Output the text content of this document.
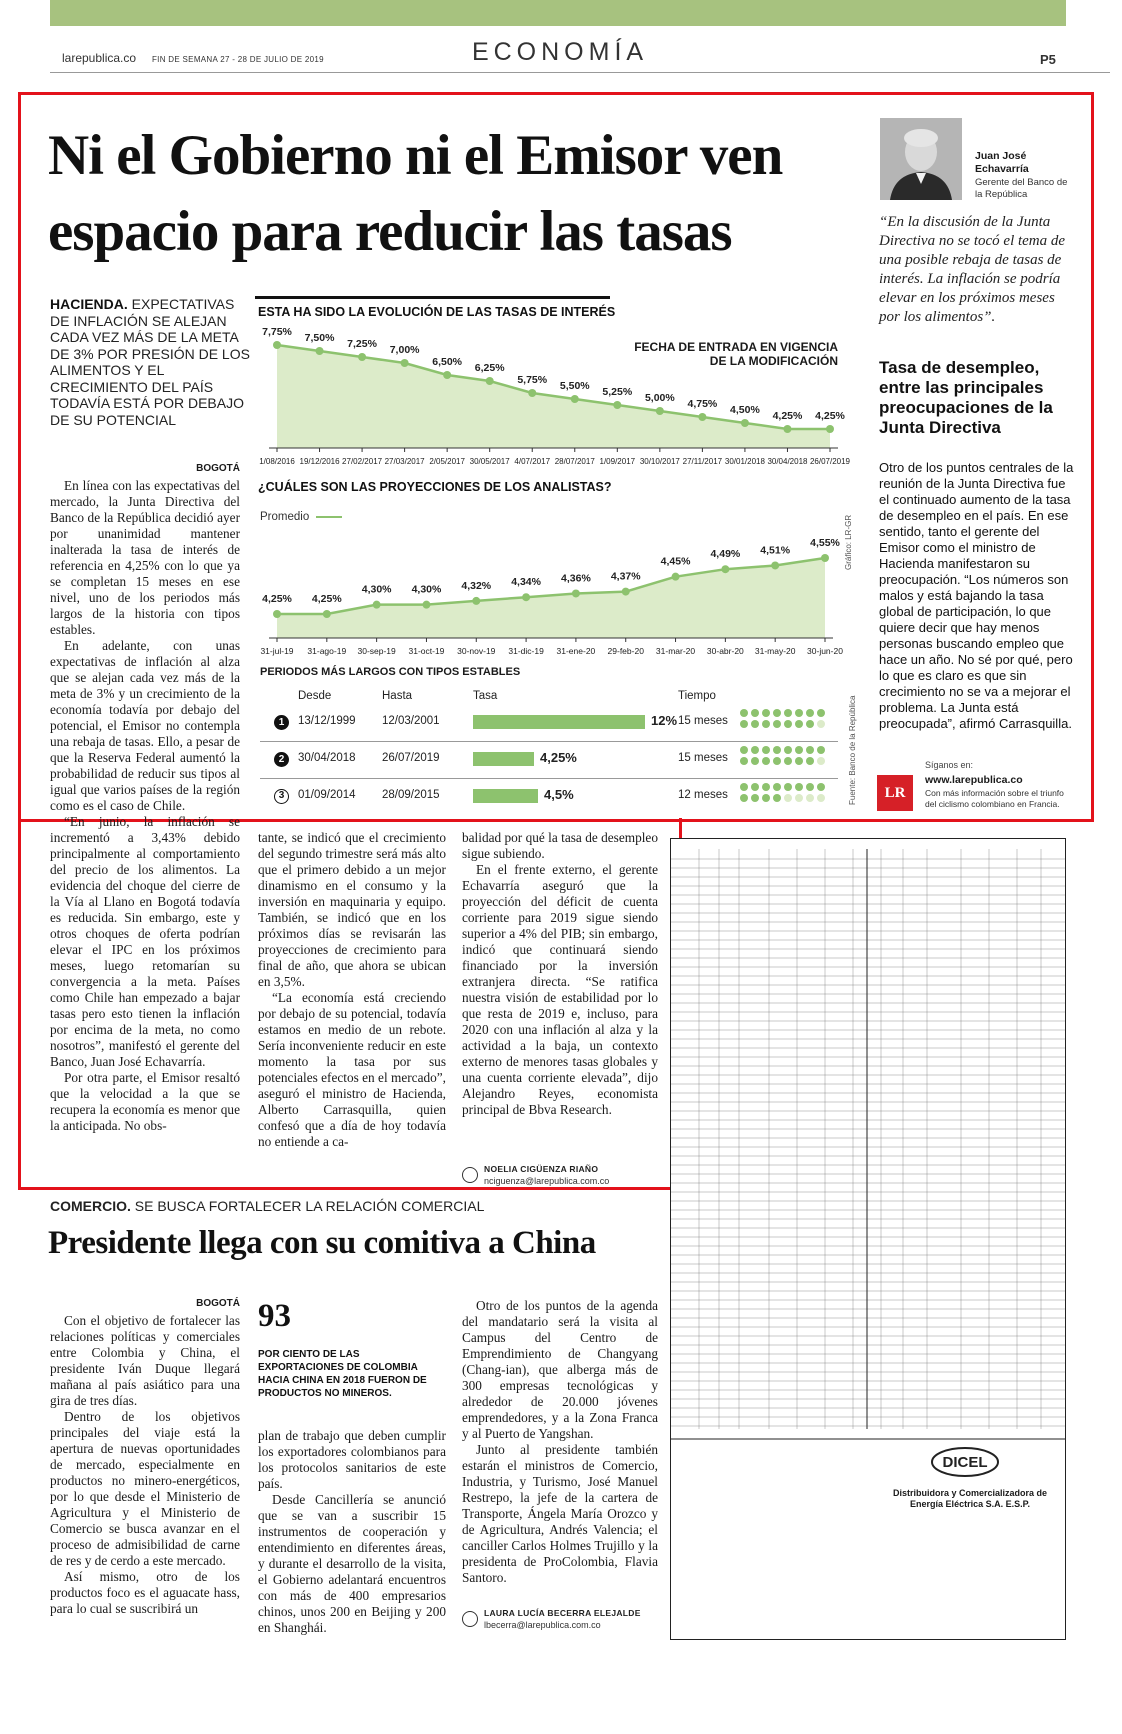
larepublica.co FIN DE SEMANA 27 - 28 DE JULIO DE 2019	ECONOMÍA	P5
Ni el Gobierno ni el Emisor ven
espacio para reducir las tasas
HACIENDA. EXPECTATIVAS DE INFLACIÓN SE ALEJAN CADA VEZ MÁS DE LA META DE 3% POR PRESIÓN DE LOS ALIMENTOS Y EL CRECIMIENTO DEL PAÍS TODAVÍA ESTÁ POR DEBAJO DE SU POTENCIAL
BOGOTÁ

En línea con las expectativas del mercado, la Junta Directiva del Banco de la República decidió ayer por unanimidad mantener inalterada la tasa de interés de referencia en 4,25% con lo que ya se completan 15 meses en ese nivel, uno de los periodos más largos de la historia con tipos estables.

En adelante, con unas expectativas de inflación al alza que se alejan cada vez más de la meta de 3% y un crecimiento de la economía todavía por debajo del potencial, el Emisor no contempla una rebaja de tasas. Ello, a pesar de que la Reserva Federal aumentó la probabilidad de reducir sus tipos al igual que varios países de la región como es el caso de Chile.

“En junio, la inflación se incrementó a 3,43% debido principalmente al comportamiento del precio de los alimentos. La evidencia del choque del cierre de la Vía al Llano en Bogotá todavía es reducida. Sin embargo, este y otros choques de oferta podrían elevar el IPC en los próximos meses, luego retomarían su convergencia a la meta. Países como Chile han empezado a bajar tasas pero esto tienen la inflación por encima de la meta, no como nosotros”, manifestó el gerente del Banco, Juan José Echavarría.

Por otra parte, el Emisor resaltó que la velocidad a la que se recupera la economía es menor que la anticipada. No obs-

tante, se indicó que el crecimiento del segundo trimestre será más alto que el primero debido a un mejor dinamismo en el consumo y la inversión en maquinaria y equipo. También, se indicó que en los próximos días se revisarán las proyecciones de crecimiento para final de año, que ahora se ubican en 3,5%.

“La economía está creciendo por debajo de su potencial, todavía estamos en medio de un rebote. Sería inconveniente reducir en este momento la tasa por sus potenciales efectos en el mercado”, aseguró el ministro de Hacienda, Alberto Carrasquilla, quien confesó que a día de hoy todavía no entiende a ca-

balidad por qué la tasa de desempleo sigue subiendo.

En el frente externo, el gerente Echavarría aseguró que la proyección del déficit de cuenta corriente para 2019 sigue siendo superior a 4% del PIB; sin embargo, indicó que continuará siendo financiado por la inversión extranjera directa. “Se ratifica nuestra visión de estabilidad por lo que resta de 2019 e, incluso, para 2020 con una inflación al alza y la actividad a la baja, un contexto externo de menores tasas globales y una cuenta corriente elevada”, dijo Alejandro Reyes, economista principal de Bbva Research.

NOELIA CIGÜENZA RIAÑO
nciguenza@larepublica.com.co
ESTA HA SIDO LA EVOLUCIÓN DE LAS TASAS DE INTERÉS
FECHA DE ENTRADA EN VIGENCIA DE LA MODIFICACIÓN
7,75%
1/08/2016
7,50%
19/12/2016
7,25%
27/02/2017
7,00%
27/03/2017
6,50%
2/05/2017
6,25%
30/05/2017
5,75%
4/07/2017
5,50%
28/07/2017
5,25%
1/09/2017
5,00%
30/10/2017
4,75%
27/11/2017
4,50%
30/01/2018
4,25%
30/04/2018
4,25%
26/07/2019
¿CUÁLES SON LAS PROYECCIONES DE LOS ANALISTAS?
Promedio	Gráfico: LR-GR
4,25%
31-jul-19
4,25%
31-ago-19
4,30%
30-sep-19
4,30%
31-oct-19
4,32%
30-nov-19
4,34%
31-dic-19
4,36%
31-ene-20
4,37%
29-feb-20
4,45%
31-mar-20
4,49%
30-abr-20
4,51%
31-may-20
4,55%
30-jun-20
PERIODOS MÁS LARGOS CON TIPOS ESTABLES
Desde	Hasta	Tasa	Tiempo
1	13/12/1999 12/03/2001	12% 15 meses
2	30/04/2018 26/07/2019	4,25%	15 meses
3	01/09/2014 28/09/2015	4,5%	12 meses	Fuente: Banco de la República
Juan José Echavarría
Gerente del Banco de la República
“En la discusión de la Junta Directiva no se tocó el tema de una posible rebaja de tasas de interés. La inflación se podría elevar en los próximos meses por los alimentos”.
Tasa de desempleo, entre las principales preocupaciones de la Junta Directiva
Otro de los puntos centrales de la reunión de la Junta Directiva fue el continuado aumento de la tasa de desempleo en el país. En ese sentido, tanto el gerente del Emisor como el ministro de Hacienda manifestaron su preocupación. “Los números son malos y está bajando la tasa global de participación, lo que quiere decir que hay menos personas buscando empleo que hace un año. No sé por qué, pero lo que es claro es que sin crecimiento no se va a mejorar el problema. La Junta está preocupada”, afirmó Carrasquilla.
Síganos en:
LR
www.larepublica.co
Con más información sobre el triunfo del ciclismo colombiano en Francia.
DICEL
Distribuidora y Comercializadora de Energía Eléctrica S.A. E.S.P.
COMERCIO. SE BUSCA FORTALECER LA RELACIÓN COMERCIAL
Presidente llega con su comitiva a China
BOGOTÁ

Con el objetivo de fortalecer las relaciones políticas y comerciales entre Colombia y China, el presidente Iván Duque llegará mañana al país asiático para una gira de tres días.

Dentro de los objetivos principales del viaje está la apertura de nuevas oportunidades de mercado, especialmente en productos no minero-energéticos, por lo que desde el Ministerio de Agricultura y el Ministerio de Comercio se busca avanzar en el proceso de admisibilidad de carne de res y de cerdo a este mercado.

Así mismo, otro de los productos foco es el aguacate hass, para lo cual se suscribirá un

93
POR CIENTO DE LAS EXPORTACIONES DE COLOMBIA HACIA CHINA EN 2018 FUERON DE PRODUCTOS NO MINEROS.

plan de trabajo que deben cumplir los exportadores colombianos para los protocolos sanitarios de este país.

Desde Cancillería se anunció que se van a suscribir 15 instrumentos de cooperación y entendimiento en diferentes áreas, y durante el desarrollo de la visita, el Gobierno adelantará encuentros con más de 400 empresarios chinos, unos 200 en Beijing y 200 en Shanghái.

Otro de los puntos de la agenda del mandatario será la visita al Campus del Centro de Emprendimiento de Changyang (Chang-ian), que alberga más de 300 empresas tecnológicas y alrededor de 20.000 jóvenes emprendedores, y a la Zona Franca y al Puerto de Yangshan.

Junto al presidente también estarán el ministros de Comercio, Industria, y Turismo, José Manuel Restrepo, la jefe de la cartera de Transporte, Ángela María Orozco y de Agricultura, Andrés Valencia; el canciller Carlos Holmes Trujillo y la presidenta de ProColombia, Flavia Santoro.

LAURA LUCÍA BECERRA ELEJALDE
lbecerra@larepublica.com.co
